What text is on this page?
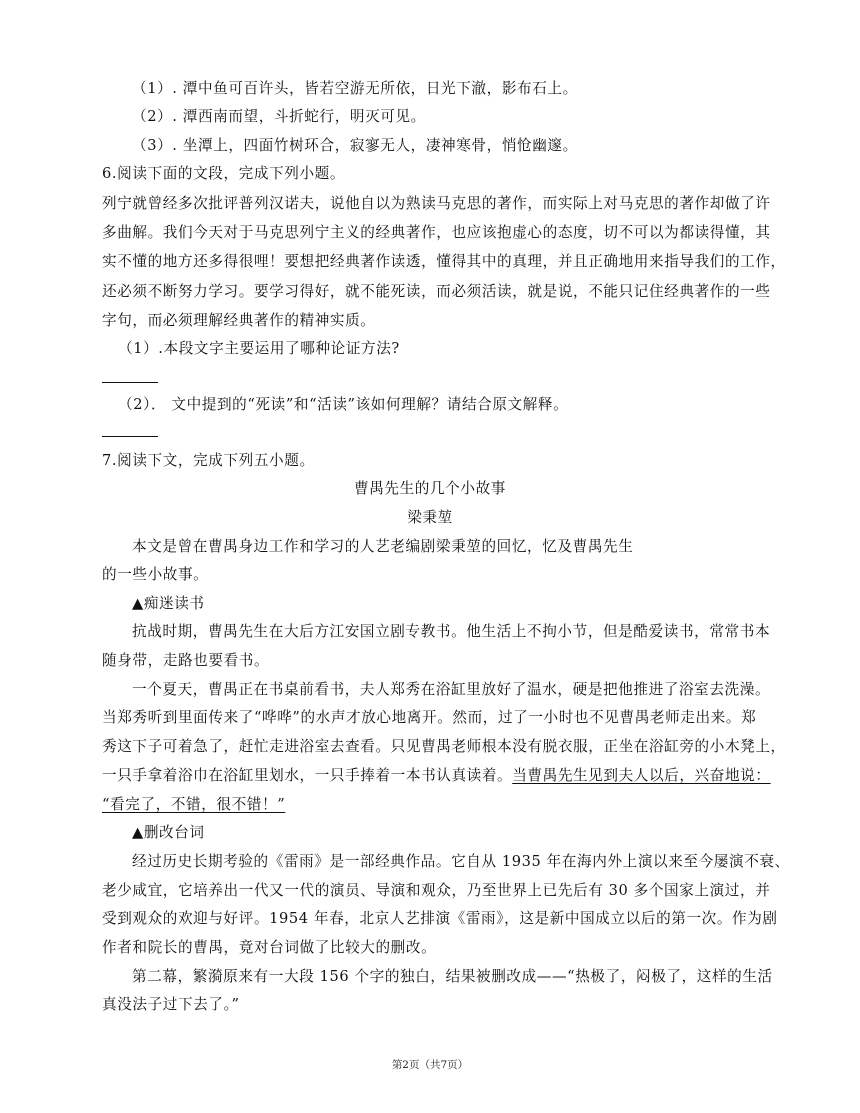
（1）. 潭中鱼可百许头，皆若空游无所依，日光下澈，影布石上。
（2）. 潭西南而望，斗折蛇行，明灭可见。
（3）. 坐潭上，四面竹树环合，寂寥无人，凄神寒骨，悄怆幽邃。
6.阅读下面的文段，完成下列小题。
列宁就曾经多次批评普列汉诺夫，说他自以为熟读马克思的著作，而实际上对马克思的著作却做了许
多曲解。我们今天对于马克思列宁主义的经典著作，也应该抱虚心的态度，切不可以为都读得懂，其
实不懂的地方还多得很哩！要想把经典著作读透，懂得其中的真理，并且正确地用来指导我们的工作，
还必须不断努力学习。要学习得好，就不能死读，而必须活读，就是说，不能只记住经典著作的一些
字句，而必须理解经典著作的精神实质。
（1）.本段文字主要运用了哪种论证方法?
（2）． 文中提到的“死读”和“活读”该如何理解？请结合原文解释。
7.阅读下文，完成下列五小题。
曹禺先生的几个小故事
梁秉堃
本文是曾在曹禺身边工作和学习的人艺老编剧梁秉堃的回忆，忆及曹禺先生
的一些小故事。
▲痴迷读书
抗战时期，曹禺先生在大后方江安国立剧专教书。他生活上不拘小节，但是酷爱读书，常常书本
随身带，走路也要看书。
一个夏天，曹禺正在书桌前看书，夫人郑秀在浴缸里放好了温水，硬是把他推进了浴室去洗澡。
当郑秀听到里面传来了“哗哗”的水声才放心地离开。然而，过了一小时也不见曹禺老师走出来。郑
秀这下子可着急了，赶忙走进浴室去查看。只见曹禺老师根本没有脱衣服，正坐在浴缸旁的小木凳上，
一只手拿着浴巾在浴缸里划水，一只手捧着一本书认真读着。当曹禺先生见到夫人以后，兴奋地说：
“看完了，不错，很不错！”
▲删改台词
经过历史长期考验的《雷雨》是一部经典作品。它自从 1935 年在海内外上演以来至今屡演不衰、
老少咸宜，它培养出一代又一代的演员、导演和观众，乃至世界上已先后有 30 多个国家上演过，并
受到观众的欢迎与好评。1954 年春，北京人艺排演《雷雨》，这是新中国成立以后的第一次。作为剧
作者和院长的曹禺，竟对台词做了比较大的删改。
第二幕，繁漪原来有一大段 156 个字的独白，结果被删改成——“热极了，闷极了，这样的生活
真没法子过下去了。”
第2页（共7页）
